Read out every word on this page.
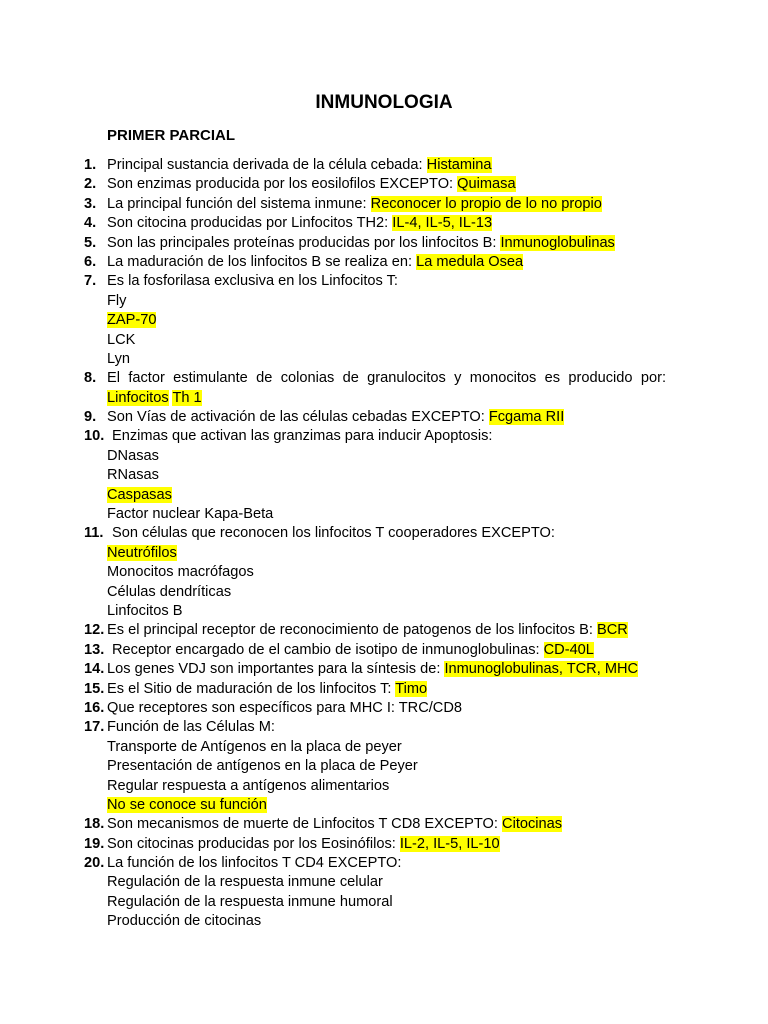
INMUNOLOGIA
PRIMER PARCIAL
1. Principal sustancia derivada de la célula cebada: Histamina
2. Son enzimas producida por los eosilofilos EXCEPTO: Quimasa
3. La principal función del sistema inmune: Reconocer lo propio de lo no propio
4. Son citocina producidas por Linfocitos TH2: IL-4, IL-5, IL-13
5. Son las principales proteínas producidas por los linfocitos B: Inmunoglobulinas
6. La maduración de los linfocitos B se realiza en: La medula Osea
7. Es la fosforilasa exclusiva en los Linfocitos T:
Fly
ZAP-70
LCK
Lyn
8. El factor estimulante de colonias de granulocitos y monocitos es producido por:
Linfocitos Th 1
9. Son Vías de activación de las células cebadas EXCEPTO: Fcgama RII
10. Enzimas que activan las granzimas para inducir Apoptosis:
DNasas
RNasas
Caspasas
Factor nuclear Kapa-Beta
11. Son células que reconocen los linfocitos T cooperadores EXCEPTO:
Neutrófilos
Monocitos macrófagos
Células dendríticas
Linfocitos B
12. Es el principal receptor de reconocimiento de patogenos de los linfocitos B: BCR
13. Receptor encargado de el cambio de isotipo de inmunoglobulinas: CD-40L
14. Los genes VDJ son importantes para la síntesis de: Inmunoglobulinas, TCR, MHC
15. Es el Sitio de maduración de los linfocitos T: Timo
16. Que receptores son específicos para MHC I: TRC/CD8
17. Función de las Células M:
Transporte de Antígenos en la placa de peyer
Presentación de antígenos en la placa de Peyer
Regular respuesta a antígenos alimentarios
No se conoce su función
18. Son mecanismos de muerte de Linfocitos T CD8 EXCEPTO: Citocinas
19. Son citocinas producidas por los Eosinófilos: IL-2, IL-5, IL-10
20. La función de los linfocitos T CD4 EXCEPTO:
Regulación de la respuesta inmune celular
Regulación de la respuesta inmune humoral
Producción de citocinas
